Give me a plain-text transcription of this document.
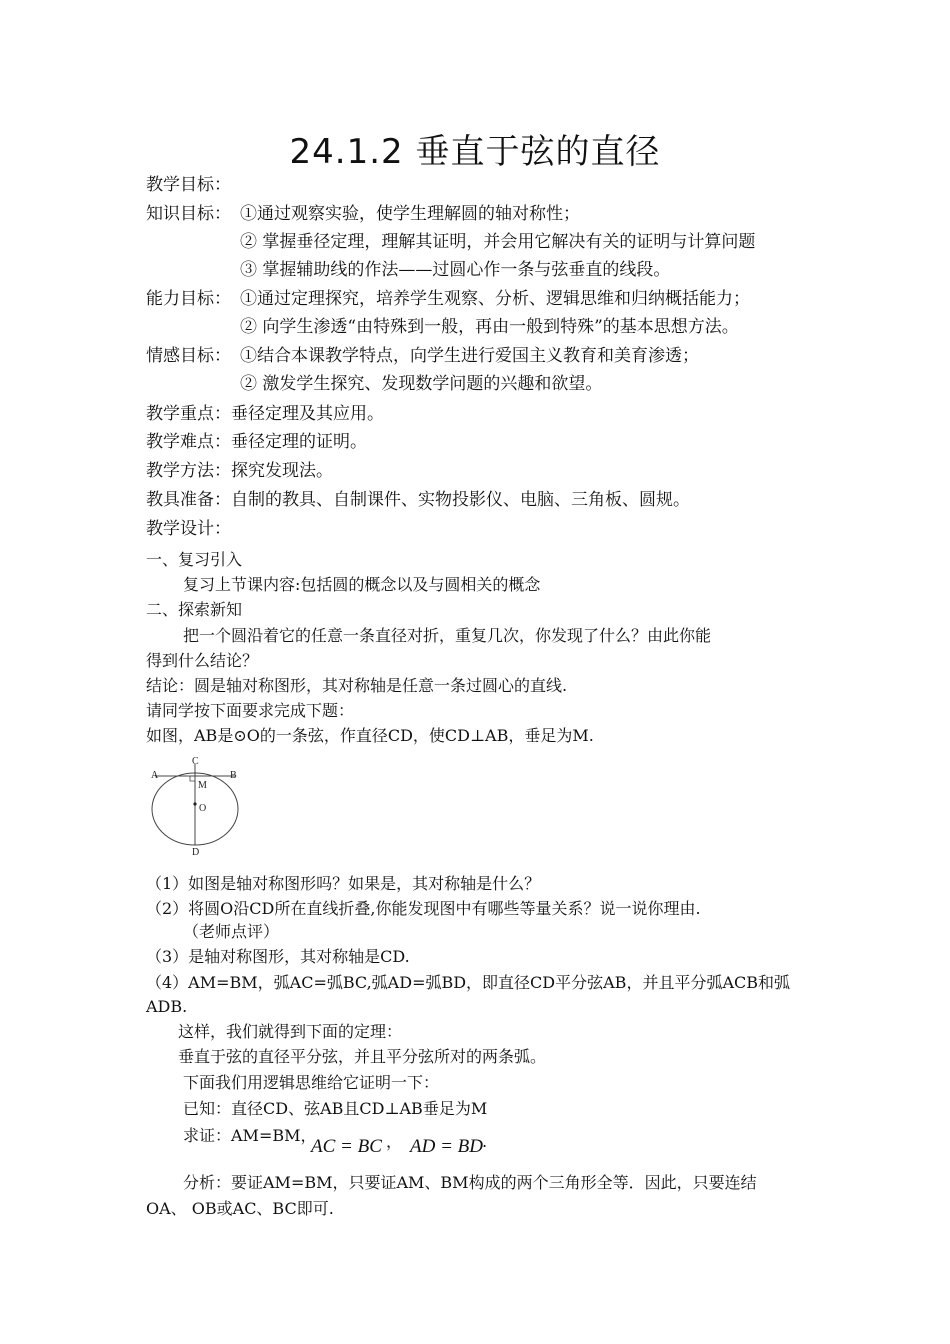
24.1.2 垂直于弦的直径
教学目标：
知识目标： ①通过观察实验，使学生理解圆的轴对称性；
② 掌握垂径定理，理解其证明，并会用它解决有关的证明与计算问题
③ 掌握辅助线的作法——过圆心作一条与弦垂直的线段。
能力目标： ①通过定理探究，培养学生观察、分析、逻辑思维和归纳概括能力；
② 向学生渗透“由特殊到一般，再由一般到特殊”的基本思想方法。
情感目标： ①结合本课教学特点，向学生进行爱国主义教育和美育渗透；
② 激发学生探究、发现数学问题的兴趣和欲望。
教学重点：垂径定理及其应用。
教学难点：垂径定理的证明。
教学方法：探究发现法。
教具准备：自制的教具、自制课件、实物投影仪、电脑、三角板、圆规。
教学设计：
一、复习引入
复习上节课内容:包括圆的概念以及与圆相关的概念
二、探索新知
把一个圆沿着它的任意一条直径对折，重复几次，你发现了什么？由此你能
得到什么结论？
结论：圆是轴对称图形，其对称轴是任意一条过圆心的直线.
请同学按下面要求完成下题：
如图，AB是⊙O的一条弦，作直径CD，使CD⊥AB，垂足为M.
A	B
C
D
M
O
（1）如图是轴对称图形吗？如果是，其对称轴是什么？
（2）将圆O沿CD所在直线折叠,你能发现图中有哪些等量关系？说一说你理由.
（老师点评）
（3）是轴对称图形，其对称轴是CD.
（4）AM=BM，弧AC=弧BC,弧AD=弧BD，即直径CD平分弦AB，并且平分弧ACB和弧
ADB.
这样，我们就得到下面的定理：
垂直于弦的直径平分弦，并且平分弦所对的两条弧。
下面我们用逻辑思维给它证明一下：
已知：直径CD、弦AB且CD⊥AB垂足为M
求证：AM=BM，
AC = BC ， AD = BD .
分析：要证AM=BM，只要证AM、BM构成的两个三角形全等．因此，只要连结
OA、 OB或AC、BC即可.
